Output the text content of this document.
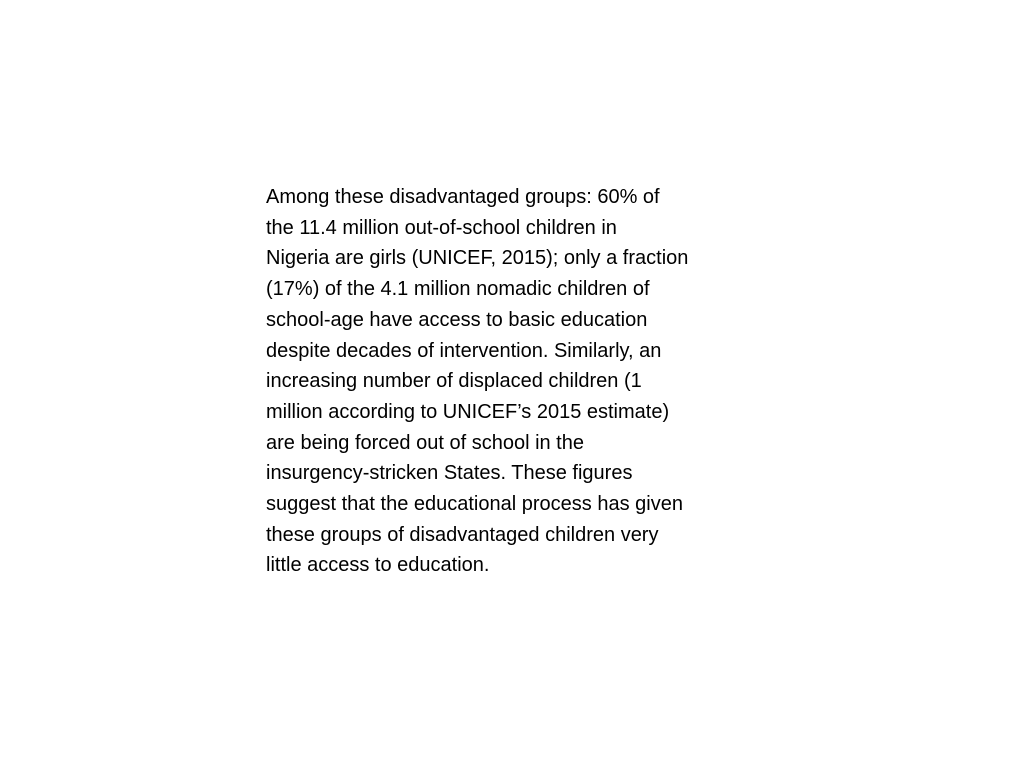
Among these disadvantaged groups: 60% of
the 11.4 million out-of-school children in
Nigeria are girls (UNICEF, 2015); only a fraction
(17%) of the 4.1 million nomadic children of
school-age have access to basic education
despite decades of intervention. Similarly, an
increasing number of displaced children (1
million according to UNICEF’s 2015 estimate)
are being forced out of school in the
insurgency-stricken States. These figures
suggest that the educational process has given
these groups of disadvantaged children very
little access to education.
